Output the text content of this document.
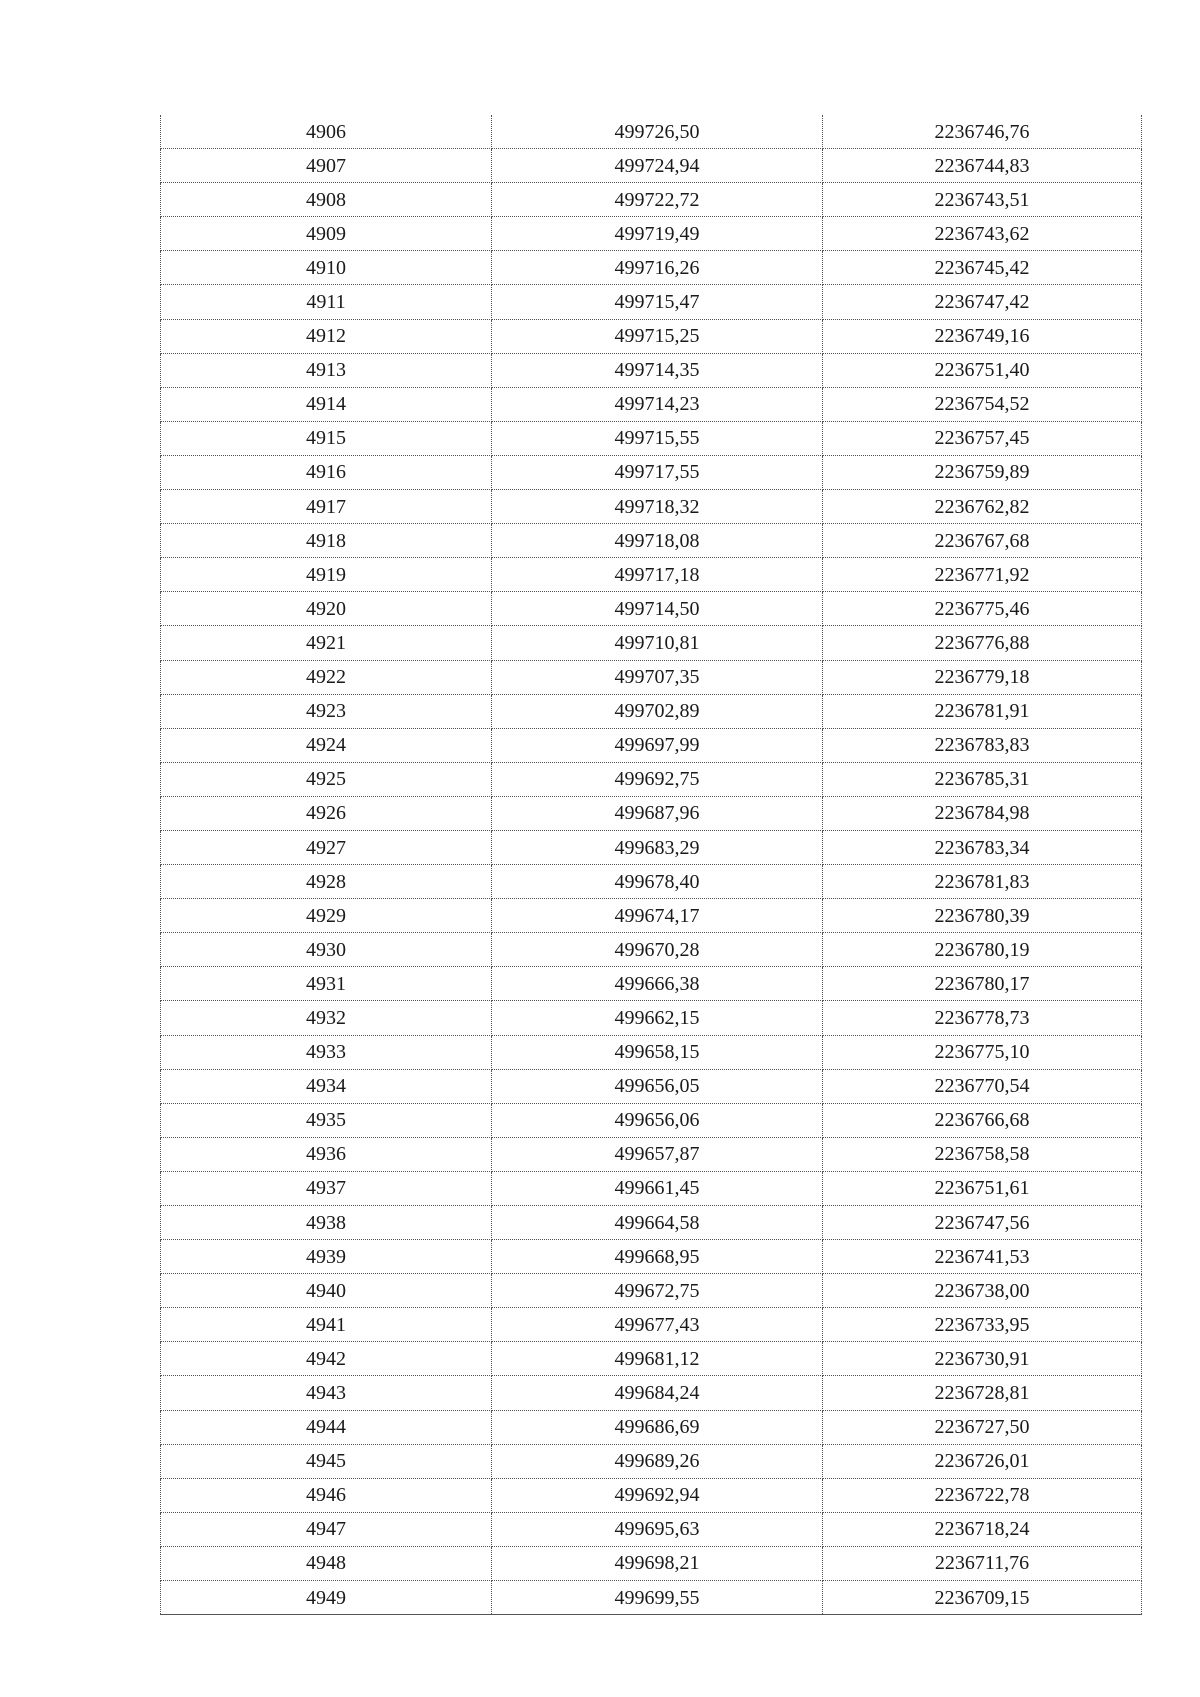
4906	499726,50	2236746,76
4907	499724,94	2236744,83
4908	499722,72	2236743,51
4909	499719,49	2236743,62
4910	499716,26	2236745,42
4911	499715,47	2236747,42
4912	499715,25	2236749,16
4913	499714,35	2236751,40
4914	499714,23	2236754,52
4915	499715,55	2236757,45
4916	499717,55	2236759,89
4917	499718,32	2236762,82
4918	499718,08	2236767,68
4919	499717,18	2236771,92
4920	499714,50	2236775,46
4921	499710,81	2236776,88
4922	499707,35	2236779,18
4923	499702,89	2236781,91
4924	499697,99	2236783,83
4925	499692,75	2236785,31
4926	499687,96	2236784,98
4927	499683,29	2236783,34
4928	499678,40	2236781,83
4929	499674,17	2236780,39
4930	499670,28	2236780,19
4931	499666,38	2236780,17
4932	499662,15	2236778,73
4933	499658,15	2236775,10
4934	499656,05	2236770,54
4935	499656,06	2236766,68
4936	499657,87	2236758,58
4937	499661,45	2236751,61
4938	499664,58	2236747,56
4939	499668,95	2236741,53
4940	499672,75	2236738,00
4941	499677,43	2236733,95
4942	499681,12	2236730,91
4943	499684,24	2236728,81
4944	499686,69	2236727,50
4945	499689,26	2236726,01
4946	499692,94	2236722,78
4947	499695,63	2236718,24
4948	499698,21	2236711,76
4949	499699,55	2236709,15
